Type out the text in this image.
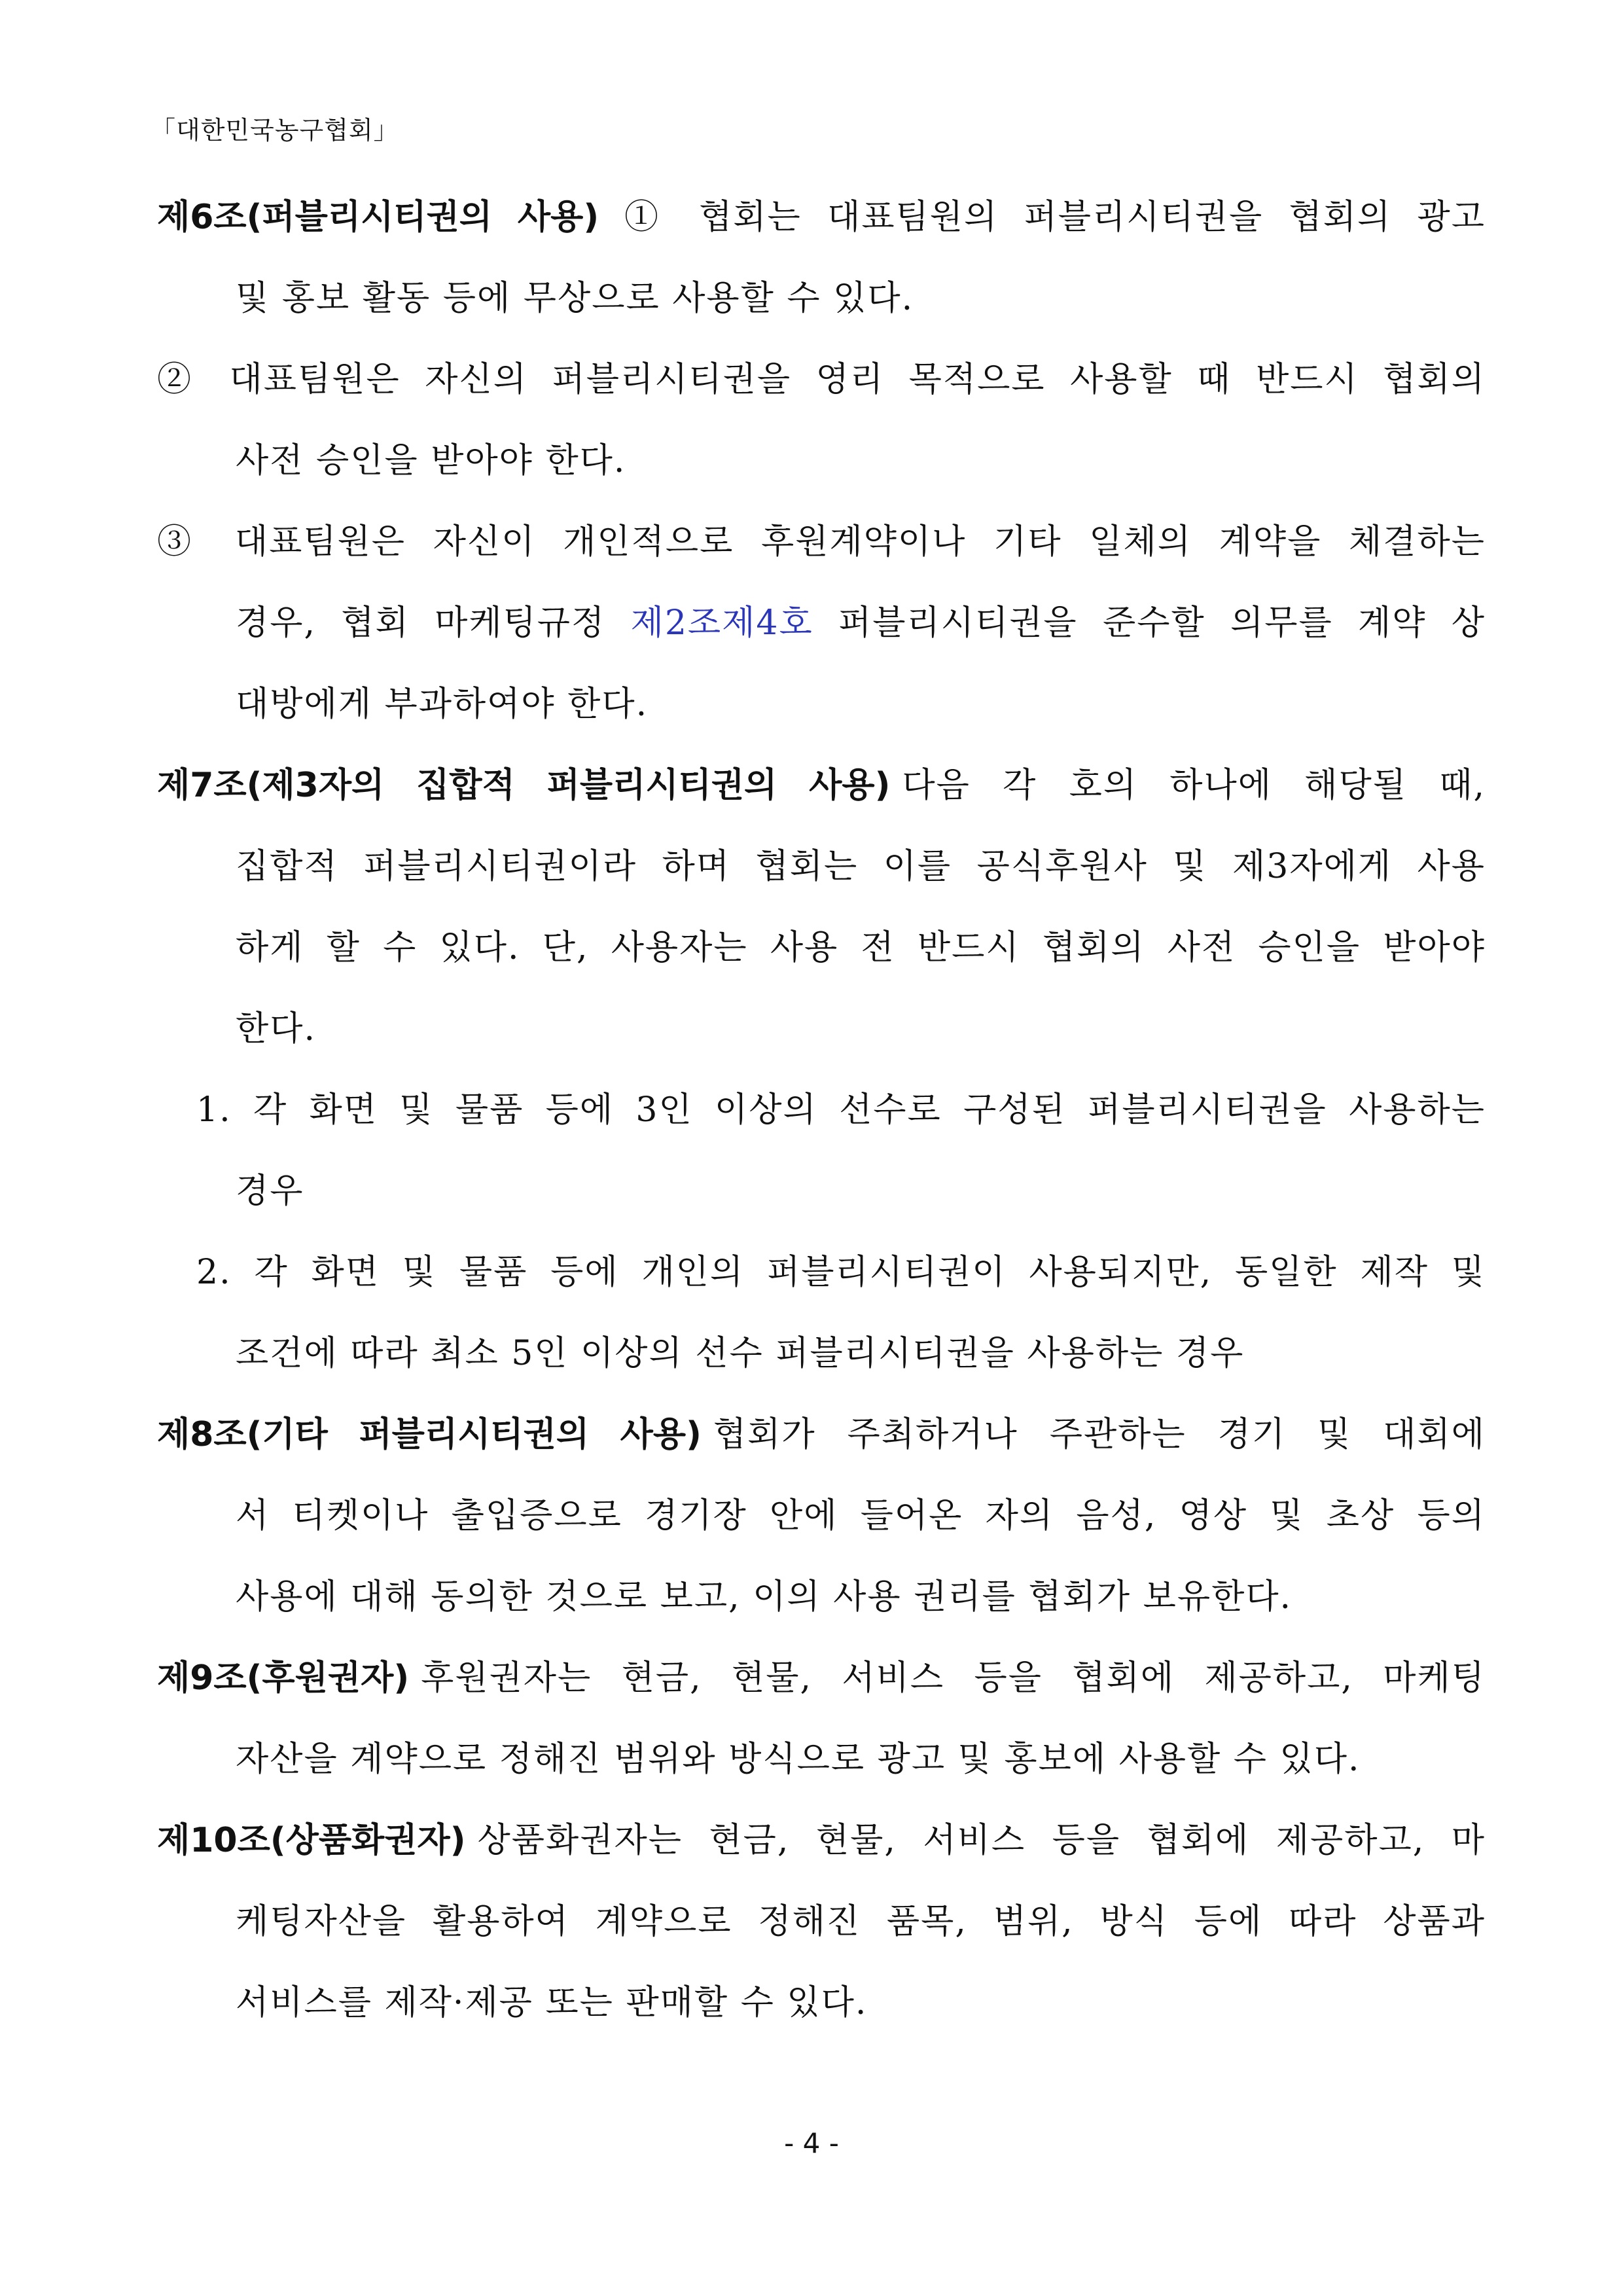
「대한민국농구협회」
제6조(퍼블리시티권의 사용) ① 협회는 대표팀원의 퍼블리시티권을 협회의 광고
및 홍보 활동 등에 무상으로 사용할 수 있다.
② 대표팀원은 자신의 퍼블리시티권을 영리 목적으로 사용할 때 반드시 협회의
사전 승인을 받아야 한다.
③ 대표팀원은 자신이 개인적으로 후원계약이나 기타 일체의 계약을 체결하는
경우, 협회 마케팅규정 제2조제4호 퍼블리시티권을 준수할 의무를 계약 상
대방에게 부과하여야 한다.
제7조(제3자의 집합적 퍼블리시티권의 사용) 다음 각 호의 하나에 해당될 때,
집합적 퍼블리시티권이라 하며 협회는 이를 공식후원사 및 제3자에게 사용
하게 할 수 있다. 단, 사용자는 사용 전 반드시 협회의 사전 승인을 받아야
한다.
1. 각 화면 및 물품 등에 3인 이상의 선수로 구성된 퍼블리시티권을 사용하는
경우
2. 각 화면 및 물품 등에 개인의 퍼블리시티권이 사용되지만, 동일한 제작 및
조건에 따라 최소 5인 이상의 선수 퍼블리시티권을 사용하는 경우
제8조(기타 퍼블리시티권의 사용) 협회가 주최하거나 주관하는 경기 및 대회에
서 티켓이나 출입증으로 경기장 안에 들어온 자의 음성, 영상 및 초상 등의
사용에 대해 동의한 것으로 보고, 이의 사용 권리를 협회가 보유한다.
제9조(후원권자) 후원권자는 현금, 현물, 서비스 등을 협회에 제공하고, 마케팅
자산을 계약으로 정해진 범위와 방식으로 광고 및 홍보에 사용할 수 있다.
제10조(상품화권자) 상품화권자는 현금, 현물, 서비스 등을 협회에 제공하고, 마
케팅자산을 활용하여 계약으로 정해진 품목, 범위, 방식 등에 따라 상품과
서비스를 제작·제공 또는 판매할 수 있다.
- 4 -
